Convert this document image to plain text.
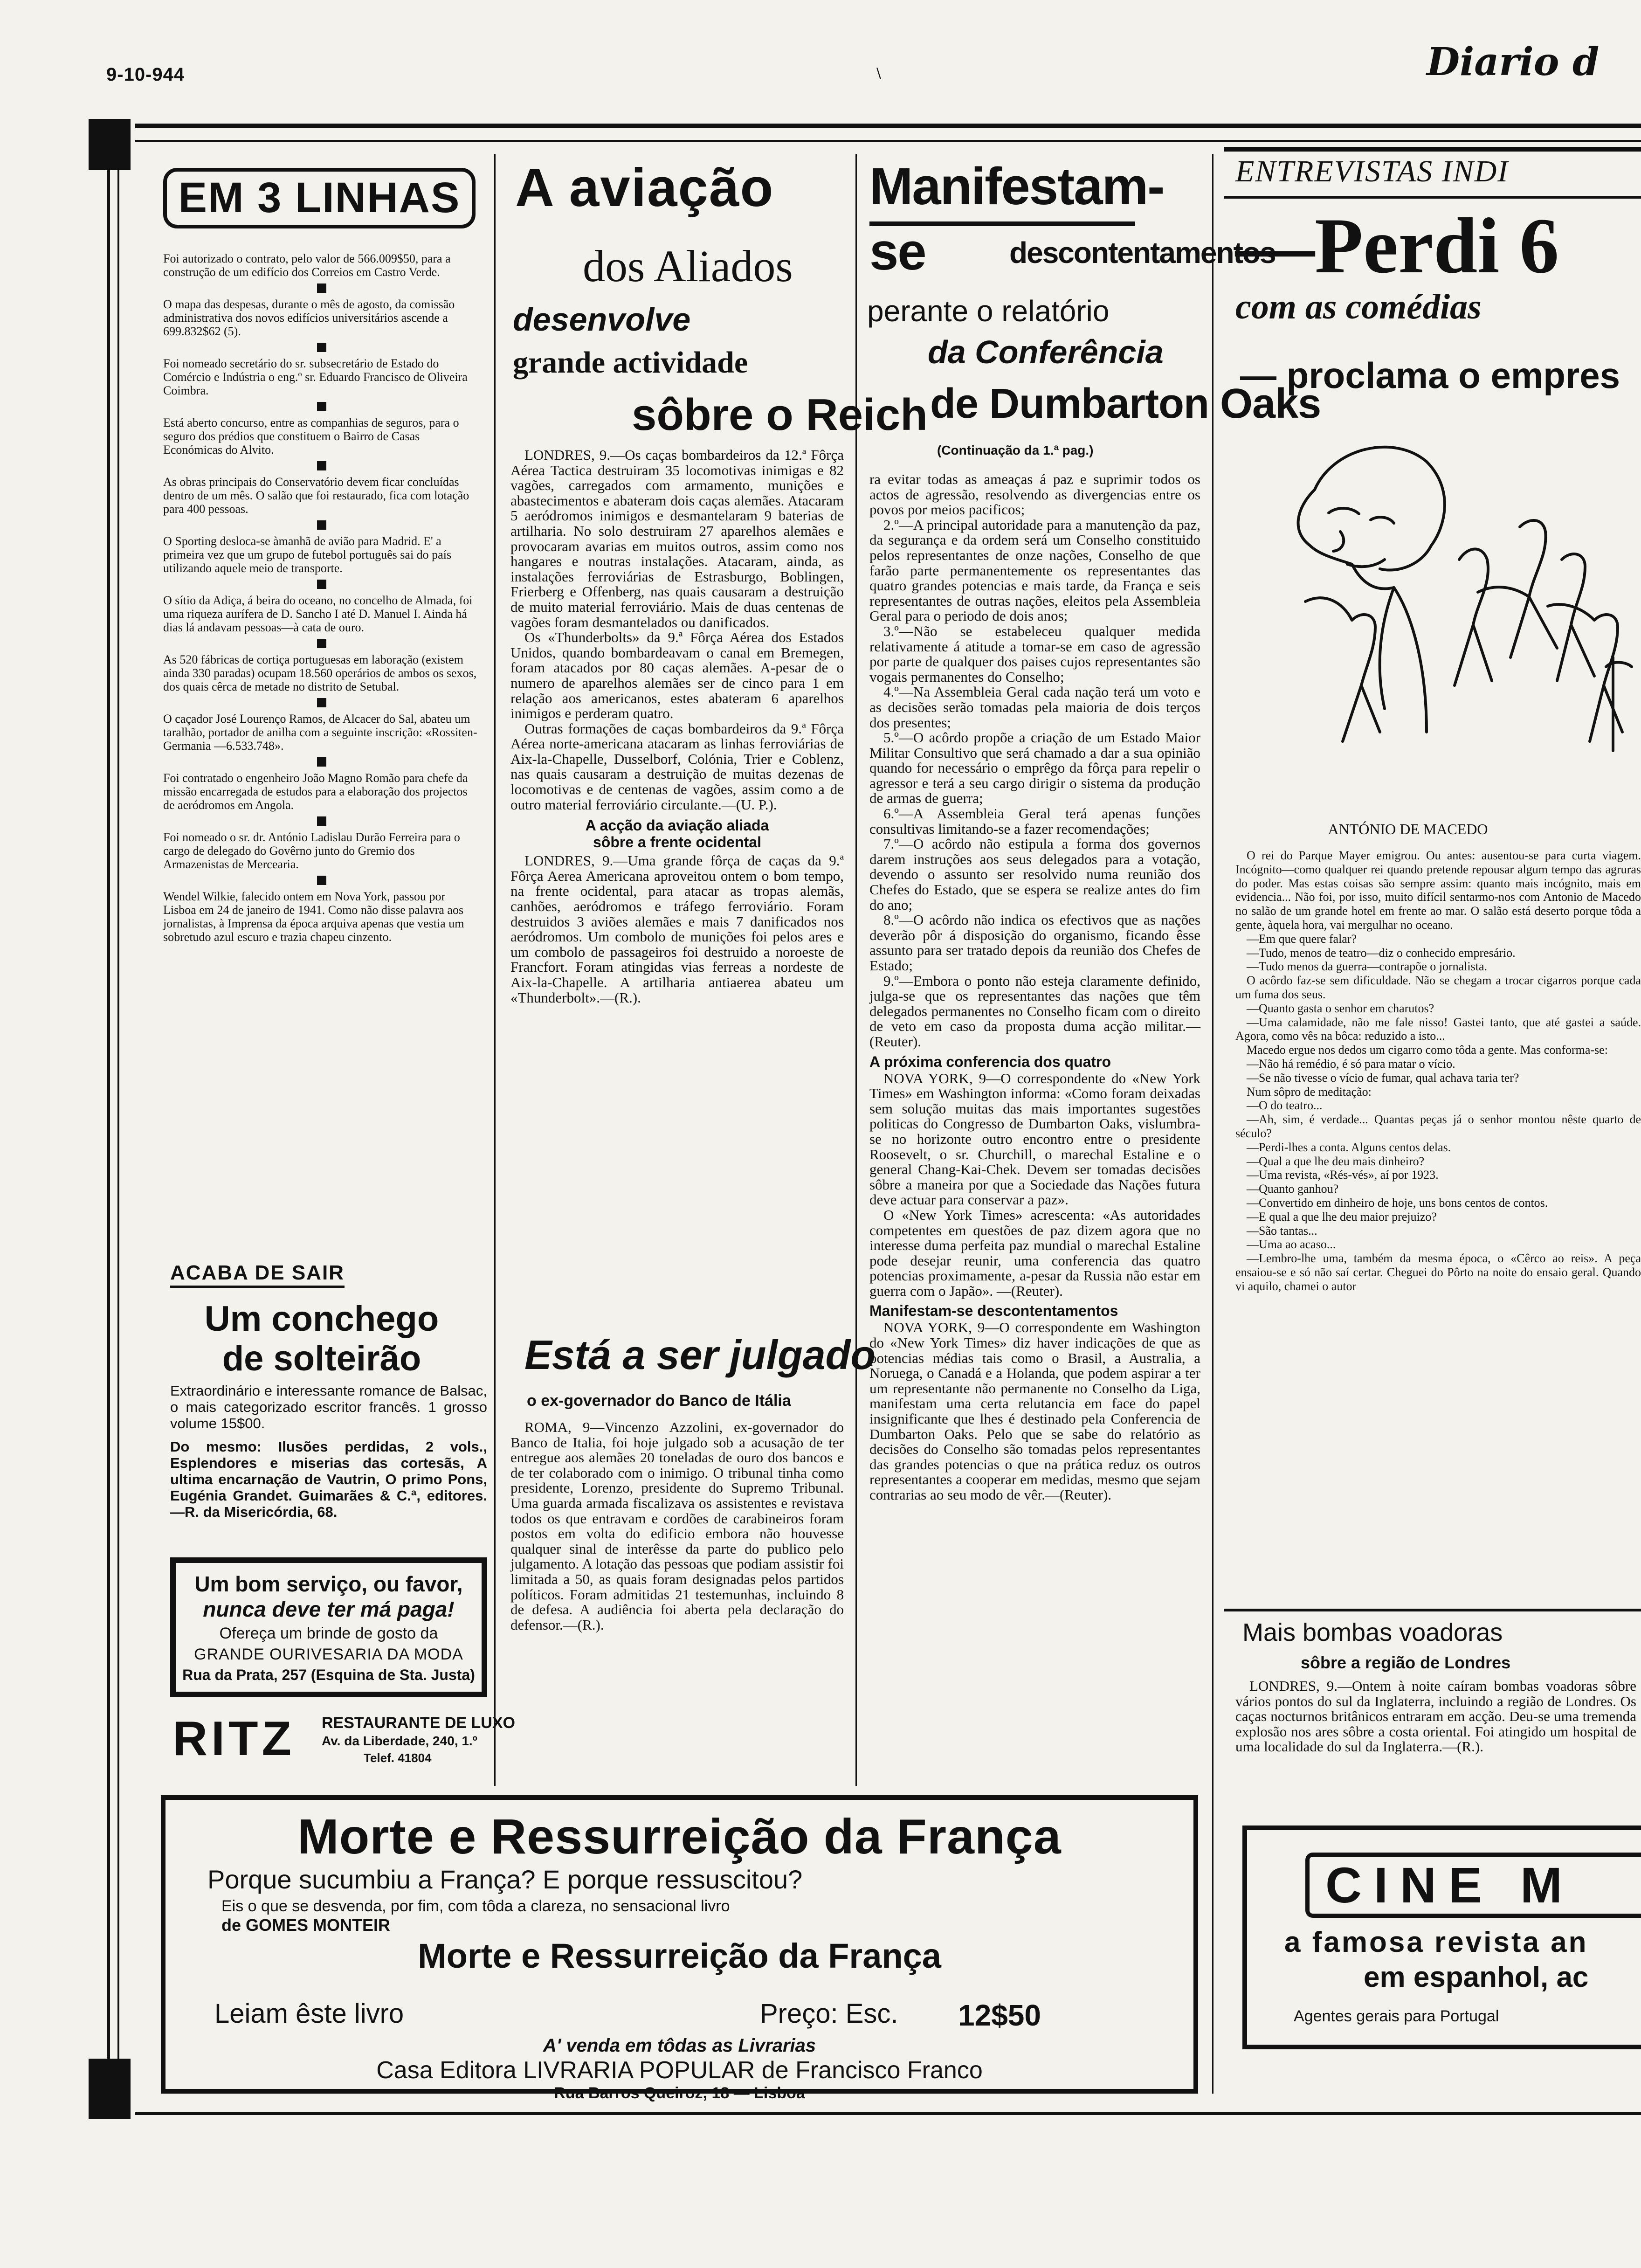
9-10-944	\	Diario d
EM 3 LINHAS

Foi autorizado o contrato, pelo valor de 566.009$50, para a construção de um edifício dos Correios em Castro Verde.

O mapa das despesas, durante o mês de agosto, da comissão administrativa dos novos edifícios universitários ascende a 699.832$62 (5).

Foi nomeado secretário do sr. subsecretário de Estado do Comércio e Indústria o eng.º sr. Eduardo Francisco de Oliveira Coimbra.

Está aberto concurso, entre as companhias de seguros, para o seguro dos prédios que constituem o Bairro de Casas Económicas do Alvito.

As obras principais do Conservatório devem ficar concluídas dentro de um mês. O salão que foi restaurado, fica com lotação para 400 pessoas.

O Sporting desloca-se àmanhã de avião para Madrid. E' a primeira vez que um grupo de futebol português sai do país utilizando aquele meio de transporte.

O sítio da Adiça, á beira do oceano, no concelho de Almada, foi uma riqueza aurífera de D. Sancho I até D. Manuel I. Ainda há dias lá andavam pessoas—à cata de ouro.

As 520 fábricas de cortiça portuguesas em laboração (existem ainda 330 paradas) ocupam 18.560 operários de ambos os sexos, dos quais cêrca de metade no distrito de Setubal.

O caçador José Lourenço Ramos, de Alcacer do Sal, abateu um taralhão, portador de anilha com a seguinte inscrição: «Rossiten-Germania —6.533.748».

Foi contratado o engenheiro João Magno Romão para chefe da missão encarregada de estudos para a elaboração dos projectos de aeródromos em Angola.

Foi nomeado o sr. dr. António Ladislau Durão Ferreira para o cargo de delegado do Govêrno junto do Gremio dos Armazenistas de Mercearia.

Wendel Wilkie, falecido ontem em Nova York, passou por Lisboa em 24 de janeiro de 1941. Como não disse palavra aos jornalistas, à Imprensa da época arquiva apenas que vestia um sobretudo azul escuro e trazia chapeu cinzento.

ACABA DE SAIR
Um conchego
de solteirão
Extraordinário e interessante romance de Balsac, o mais categorizado escritor francês. 1 grosso volume 15$00.
Do mesmo: Ilusões perdidas, 2 vols., Esplendores e miserias das cortesãs, A ultima encarnação de Vautrin, O primo Pons, Eugénia Grandet. Guimarães & C.ª, editores.—R. da Misericórdia, 68.
Um bom serviço, ou favor,
nunca deve ter má paga!
Ofereça um brinde de gosto da
GRANDE OURIVESARIA DA MODA
Rua da Prata, 257 (Esquina de Sta. Justa)
RITZ RESTAURANTE DE LUXO
Av. da Liberdade, 240, 1.º
Telef. 41804
A aviação
dos Aliados
desenvolve
grande actividade
sôbre o Reich

LONDRES, 9.—Os caças bombardeiros da 12.ª Fôrça Aérea Tactica destruiram 35 locomotivas inimigas e 82 vagões, carregados com armamento, munições e abastecimentos e abateram dois caças alemães. Atacaram 5 aeródromos inimigos e desmantelaram 9 baterias de artilharia. No solo destruiram 27 aparelhos alemães e provocaram avarias em muitos outros, assim como nos hangares e noutras instalações. Atacaram, ainda, as instalações ferroviárias de Estrasburgo, Boblingen, Frierberg e Offenberg, nas quais causaram a destruição de muito material ferroviário. Mais de duas centenas de vagões foram desmantelados ou danificados.

Os «Thunderbolts» da 9.ª Fôrça Aérea dos Estados Unidos, quando bombardeavam o canal em Bremegen, foram atacados por 80 caças alemães. A-pesar de o numero de aparelhos alemães ser de cinco para 1 em relação aos americanos, estes abateram 6 aparelhos inimigos e perderam quatro.

Outras formações de caças bombardeiros da 9.ª Fôrça Aérea norte-americana atacaram as linhas ferroviárias de Aix-la-Chapelle, Dusselborf, Colónia, Trier e Coblenz, nas quais causaram a destruição de muitas dezenas de locomotivas e de centenas de vagões, assim como a de outro material ferroviário circulante.—(U. P.).

A acção da aviação aliada
sôbre a frente ocidental

LONDRES, 9.—Uma grande fôrça de caças da 9.ª Fôrça Aerea Americana aproveitou ontem o bom tempo, na frente ocidental, para atacar as tropas alemãs, canhões, aeródromos e tráfego ferroviário. Foram destruidos 3 aviões alemães e mais 7 danificados nos aeródromos. Um combolo de munições foi pelos ares e um combolo de passageiros foi destruido a noroeste de Francfort. Foram atingidas vias ferreas a nordeste de Aix-la-Chapelle. A artilharia antiaerea abateu um «Thunderbolt».—(R.).

Está a ser julgado
o ex-governador do Banco de Itália
ROMA, 9—Vincenzo Azzolini, ex-governador do Banco de Italia, foi hoje julgado sob a acusação de ter entregue aos alemães 20 toneladas de ouro dos bancos e de ter colaborado com o inimigo. O tribunal tinha como presidente, Lorenzo, presidente do Supremo Tribunal. Uma guarda armada fiscalizava os assistentes e revistava todos os que entravam e cordões de carabineiros foram postos em volta do edificio embora não houvesse qualquer sinal de interêsse da parte do publico pelo julgamento. A lotação das pessoas que podiam assistir foi limitada a 50, as quais foram designadas pelos partidos políticos. Foram admitidas 21 testemunhas, incluindo 8 de defesa. A audiência foi aberta pela declaração do defensor.—(R.).
Manifestam-se	descontentamentos
perante o relatório
da Conferência
de Dumbarton Oaks
(Continuação da 1.ª pag.)

ra evitar todas as ameaças á paz e suprimir todos os actos de agressão, resolvendo as divergencias entre os povos por meios pacificos;

2.º—A principal autoridade para a manutenção da paz, da segurança e da ordem será um Conselho constituido pelos representantes de onze nações, Conselho de que farão parte permanentemente os representantes das quatro grandes potencias e mais tarde, da França e seis representantes de outras nações, eleitos pela Assembleia Geral para o periodo de dois anos;

3.º—Não se estabeleceu qualquer medida relativamente á atitude a tomar-se em caso de agressão por parte de qualquer dos paises cujos representantes são vogais permanentes do Conselho;

4.º—Na Assembleia Geral cada nação terá um voto e as decisões serão tomadas pela maioria de dois terços dos presentes;

5.º—O acôrdo propõe a criação de um Estado Maior Militar Consultivo que será chamado a dar a sua opinião quando for necessário o emprêgo da fôrça para repelir o agressor e terá a seu cargo dirigir o sistema da produção de armas de guerra;

6.º—A Assembleia Geral terá apenas funções consultivas limitando-se a fazer recomendações;

7.º—O acôrdo não estipula a forma dos governos darem instruções aos seus delegados para a votação, devendo o assunto ser resolvido numa reunião dos Chefes do Estado, que se espera se realize antes do fim do ano;

8.º—O acôrdo não indica os efectivos que as nações deverão pôr á disposição do organismo, ficando êsse assunto para ser tratado depois da reunião dos Chefes de Estado;

9.º—Embora o ponto não esteja claramente definido, julga-se que os representantes das nações que têm delegados permanentes no Conselho ficam com o direito de veto em caso da proposta duma acção militar.—(Reuter).

A próxima conferencia dos quatro

NOVA YORK, 9—O correspondente do «New York Times» em Washington informa: «Como foram deixadas sem solução muitas das mais importantes sugestões politicas do Congresso de Dumbarton Oaks, vislumbra-se no horizonte outro encontro entre o presidente Roosevelt, o sr. Churchill, o marechal Estaline e o general Chang-Kai-Chek. Devem ser tomadas decisões sôbre a maneira por que a Sociedade das Nações futura deve actuar para conservar a paz».

O «New York Times» acrescenta: «As autoridades competentes em questões de paz dizem agora que no interesse duma perfeita paz mundial o marechal Estaline pode desejar reunir, uma conferencia das quatro potencias proximamente, a-pesar da Russia não estar em guerra com o Japão». —(Reuter).

Manifestam-se descontentamentos

NOVA YORK, 9—O correspondente em Washington do «New York Times» diz haver indicações de que as potencias médias tais como o Brasil, a Australia, a Noruega, o Canadá e a Holanda, que podem aspirar a ter um representante não permanente no Conselho da Liga, manifestam uma certa relutancia em face do papel insignificante que lhes é destinado pela Conferencia de Dumbarton Oaks. Pelo que se sabe do relatório as decisões do Conselho são tomadas pelos representantes das grandes potencias o que na prática reduz os outros representantes a cooperar em medidas, mesmo que sejam contrarias ao seu modo de vêr.—(Reuter).

ENTREVISTAS INDI
—Perdi 6
com as comédias
— proclama o empres
ANTÓNIO DE MACEDO

O rei do Parque Mayer emigrou. Ou antes: ausentou-se para curta viagem. Incógnito—como qualquer rei quando pretende repousar algum tempo das agruras do poder. Mas estas coisas são sempre assim: quanto mais incógnito, mais em evidencia... Não foi, por isso, muito difícil sentarmo-nos com Antonio de Macedo no salão de um grande hotel em frente ao mar. O salão está deserto porque tôda a gente, àquela hora, vai mergulhar no oceano.

—Em que quere falar?

—Tudo, menos de teatro—diz o conhecido empresário.

—Tudo menos da guerra—contrapõe o jornalista.

O acôrdo faz-se sem dificuldade. Não se chegam a trocar cigarros porque cada um fuma dos seus.

—Quanto gasta o senhor em charutos?

—Uma calamidade, não me fale nisso! Gastei tanto, que até gastei a saúde. Agora, como vês na bôca: reduzido a isto...

Macedo ergue nos dedos um cigarro como tôda a gente. Mas conforma-se:

—Não há remédio, é só para matar o vício.

—Se não tivesse o vício de fumar, qual achava taria ter?

Num sôpro de meditação:

—O do teatro...

—Ah, sim, é verdade... Quantas peças já o senhor montou nêste quarto de século?

—Perdi-lhes a conta. Alguns centos delas.

—Qual a que lhe deu mais dinheiro?

—Uma revista, «Rés-vés», aí por 1923.

—Quanto ganhou?

—Convertido em dinheiro de hoje, uns bons centos de contos.

—E qual a que lhe deu maior prejuizo?

—São tantas...

—Uma ao acaso...

—Lembro-lhe uma, também da mesma época, o «Cêrco ao reis». A peça ensaiou-se e só não saí certar. Cheguei do Pôrto na noite do ensaio geral. Quando vi aquilo, chamei o autor

Mais bombas voadoras
sôbre a região de Londres
LONDRES, 9.—Ontem à noite caíram bombas voadoras sôbre vários pontos do sul da Inglaterra, incluindo a região de Londres. Os caças nocturnos britânicos entraram em acção. Deu-se uma tremenda explosão nos ares sôbre a costa oriental. Foi atingido um hospital de uma localidade do sul da Inglaterra.—(R.).
CINE M
a famosa revista an
em espanhol, ac
Agentes gerais para Portugal
Morte e Ressurreição da França
Porque sucumbiu a França? E porque ressuscitou?
Eis o que se desvenda, por fim, com tôda a clareza, no sensacional livro
de GOMES MONTEIR
Morte e Ressurreição da França
Leiam êste livro	Preço: Esc. 12$50
A' venda em tôdas as Livrarias
Casa Editora LIVRARIA POPULAR de Francisco Franco
Rua Barros Queiroz, 18 — Lisboa
